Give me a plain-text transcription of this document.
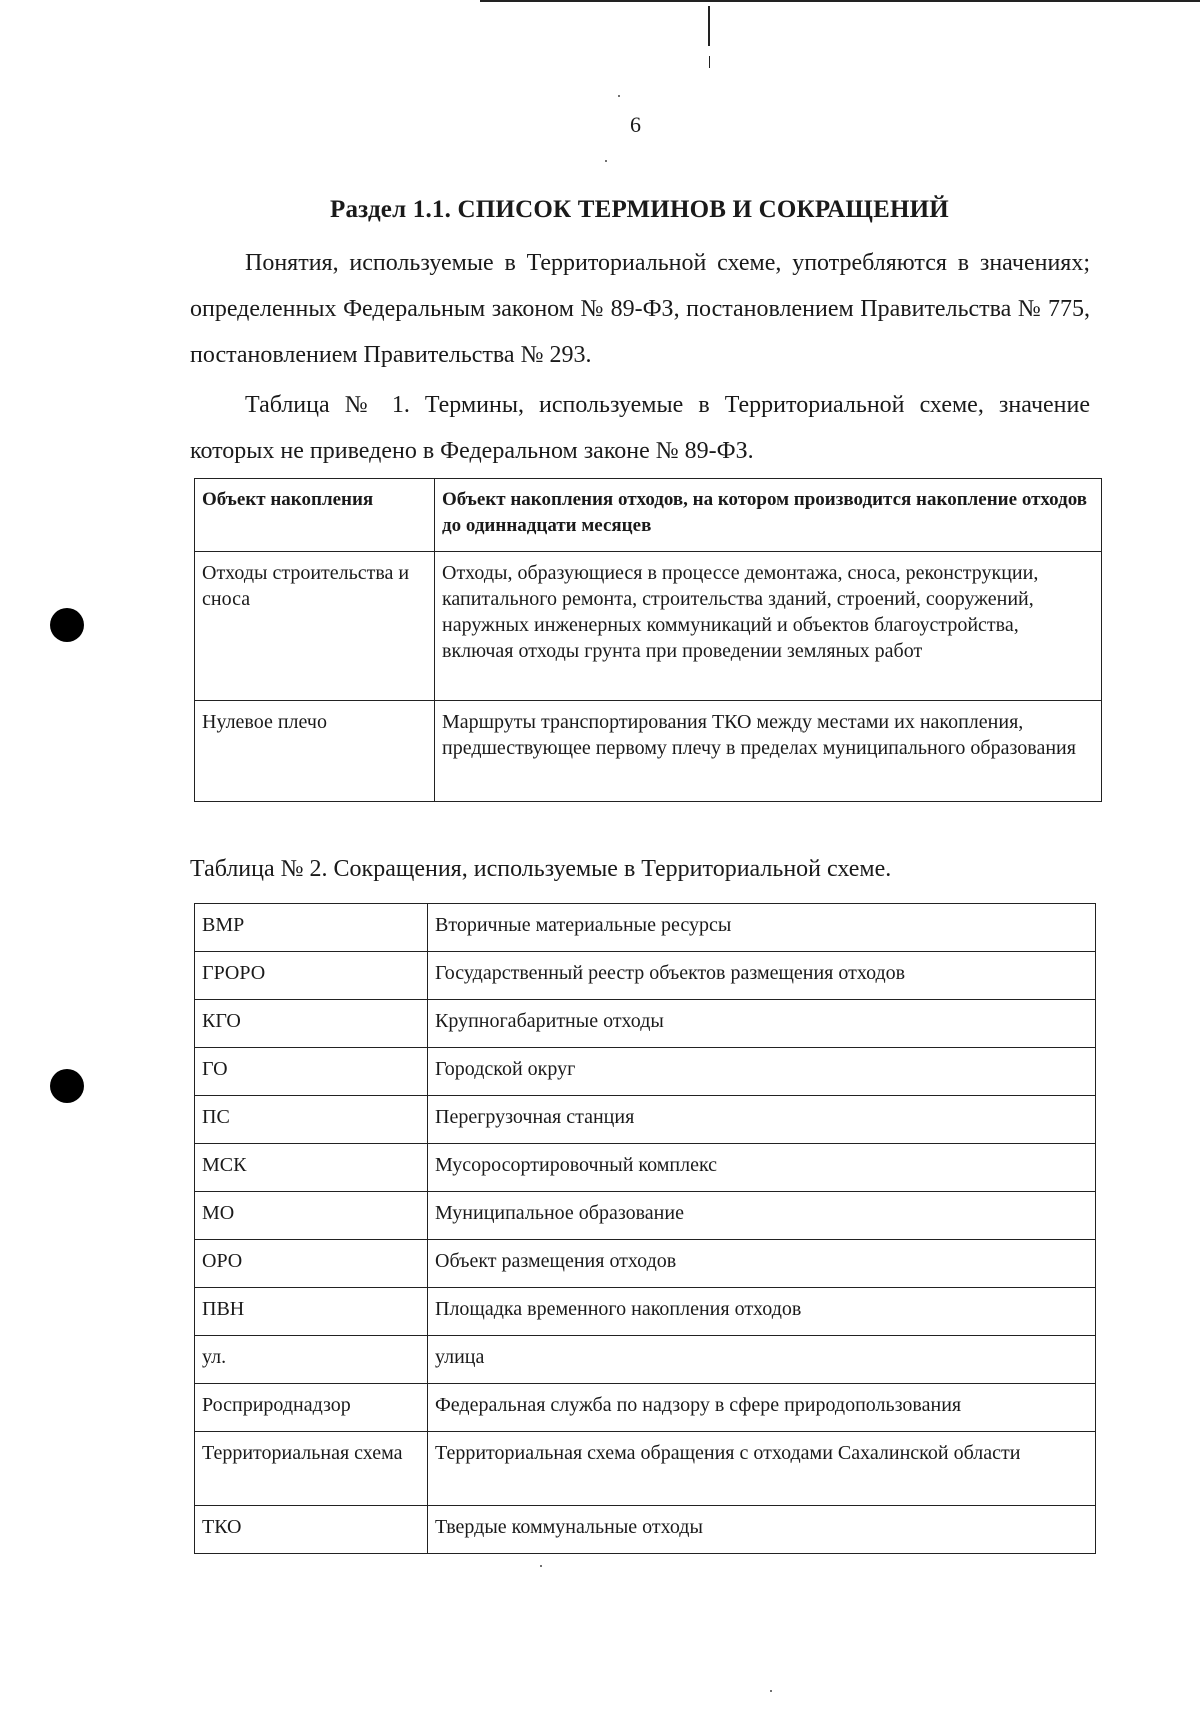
6
Раздел 1.1. СПИСОК ТЕРМИНОВ И СОКРАЩЕНИЙ

Понятия, используемые в Территориальной схеме, употребляются в значениях; определенных Федеральным законом № 89-ФЗ, постановлением Правительства № 775, постановлением Правительства № 293.

Таблица № 1. Термины, используемые в Территориальной схеме, значение которых не приведено в Федеральном законе № 89-ФЗ.

Объект накопления	Объект накопления отходов, на котором производится накопление отходов до одиннадцати месяцев
Отходы строительства и сноса	Отходы, образующиеся в процессе демонтажа, сноса, реконструкции, капитального ремонта, строительства зданий, строений, сооружений, наружных инженерных коммуникаций и объектов благоустройства, включая отходы грунта при проведении земляных работ
Нулевое плечо	Маршруты транспортирования ТКО между местами их накопления, предшествующее первому плечу в пределах муниципального образования
Таблица № 2. Сокращения, используемые в Территориальной схеме.
ВМР	Вторичные материальные ресурсы
ГРОРО	Государственный реестр объектов размещения отходов
КГО	Крупногабаритные отходы
ГО	Городской округ
ПС	Перегрузочная станция
МСК	Мусоросортировочный комплекс
МО	Муниципальное образование
ОРО	Объект размещения отходов
ПВН	Площадка временного накопления отходов
ул.	улица
Росприроднадзор	Федеральная служба по надзору в сфере природопользования
Территориальная схема	Территориальная схема обращения с отходами Сахалинской области
ТКО	Твердые коммунальные отходы
